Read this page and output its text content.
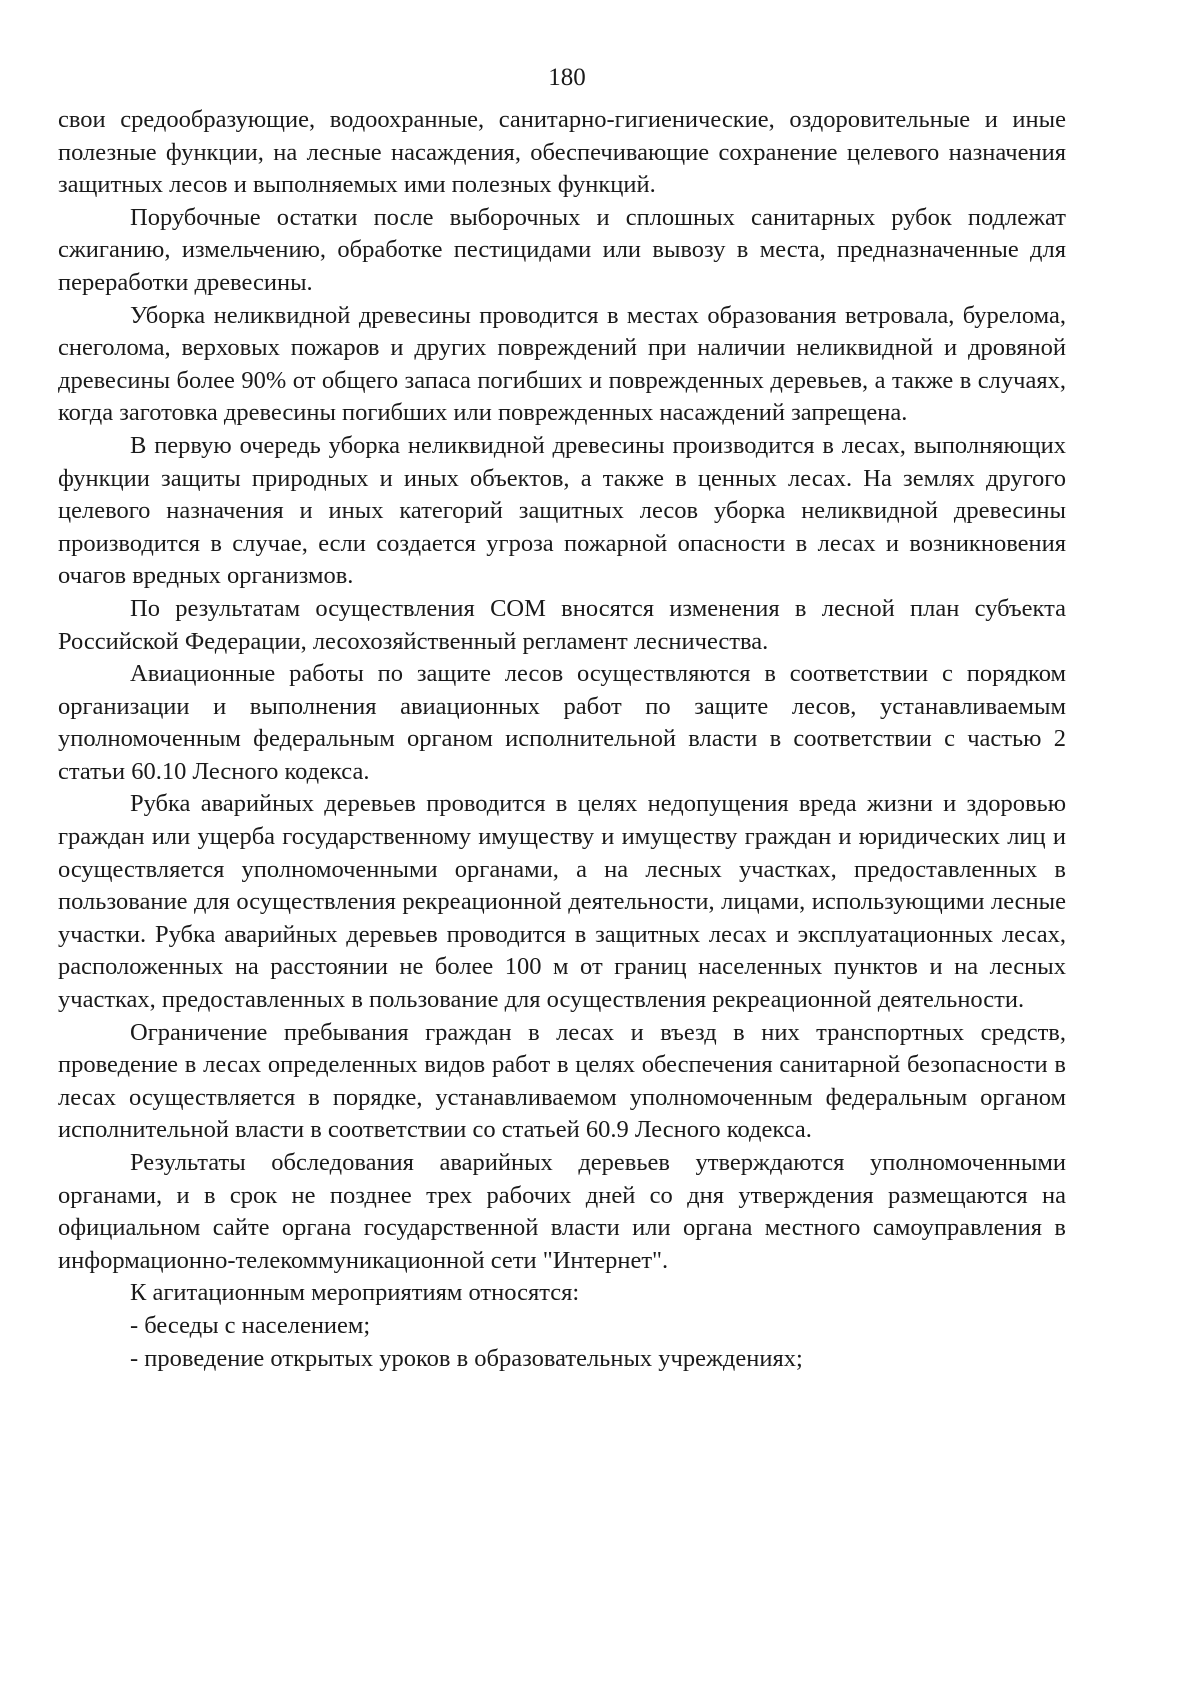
180

свои средообразующие, водоохранные, санитарно-гигиенические, оздоровительные и иные полезные функции, на лесные насаждения, обеспечивающие сохранение целевого назначения защитных лесов и выполняемых ими полезных функций.

Порубочные остатки после выборочных и сплошных санитарных рубок подлежат сжиганию, измельчению, обработке пестицидами или вывозу в места, предназначенные для переработки древесины.

Уборка неликвидной древесины проводится в местах образования ветровала, бурелома, снеголома, верховых пожаров и других повреждений при наличии неликвидной и дровяной древесины более 90% от общего запаса погибших и поврежденных деревьев, а также в случаях, когда заготовка древесины погибших или поврежденных насаждений запрещена.

В первую очередь уборка неликвидной древесины производится в лесах, выполняющих функции защиты природных и иных объектов, а также в ценных лесах. На землях другого целевого назначения и иных категорий защитных лесов уборка неликвидной древесины производится в случае, если создается угроза пожарной опасности в лесах и возникновения очагов вредных организмов.

По результатам осуществления СОМ вносятся изменения в лесной план субъекта Российской Федерации, лесохозяйственный регламент лесничества.

Авиационные работы по защите лесов осуществляются в соответствии с порядком организации и выполнения авиационных работ по защите лесов, устанавливаемым уполномоченным федеральным органом исполнительной власти в соответствии с частью 2 статьи 60.10 Лесного кодекса.

Рубка аварийных деревьев проводится в целях недопущения вреда жизни и здоровью граждан или ущерба государственному имуществу и имуществу граждан и юридических лиц и осуществляется уполномоченными органами, а на лесных участках, предоставленных в пользование для осуществления рекреационной деятельности, лицами, использующими лесные участки. Рубка аварийных деревьев проводится в защитных лесах и эксплуатационных лесах, расположенных на расстоянии не более 100 м от границ населенных пунктов и на лесных участках, предоставленных в пользование для осуществления рекреационной деятельности.

Ограничение пребывания граждан в лесах и въезд в них транспортных средств, проведение в лесах определенных видов работ в целях обеспечения санитарной безопасности в лесах осуществляется в порядке, устанавливаемом уполномоченным федеральным органом исполнительной власти в соответствии со статьей 60.9 Лесного кодекса.

Результаты обследования аварийных деревьев утверждаются уполномоченными органами, и в срок не позднее трех рабочих дней со дня утверждения размещаются на официальном сайте органа государственной власти или органа местного самоуправления в информационно-телекоммуникационной сети "Интернет".

К агитационным мероприятиям относятся:

- беседы с населением;
- проведение открытых уроков в образовательных учреждениях;
